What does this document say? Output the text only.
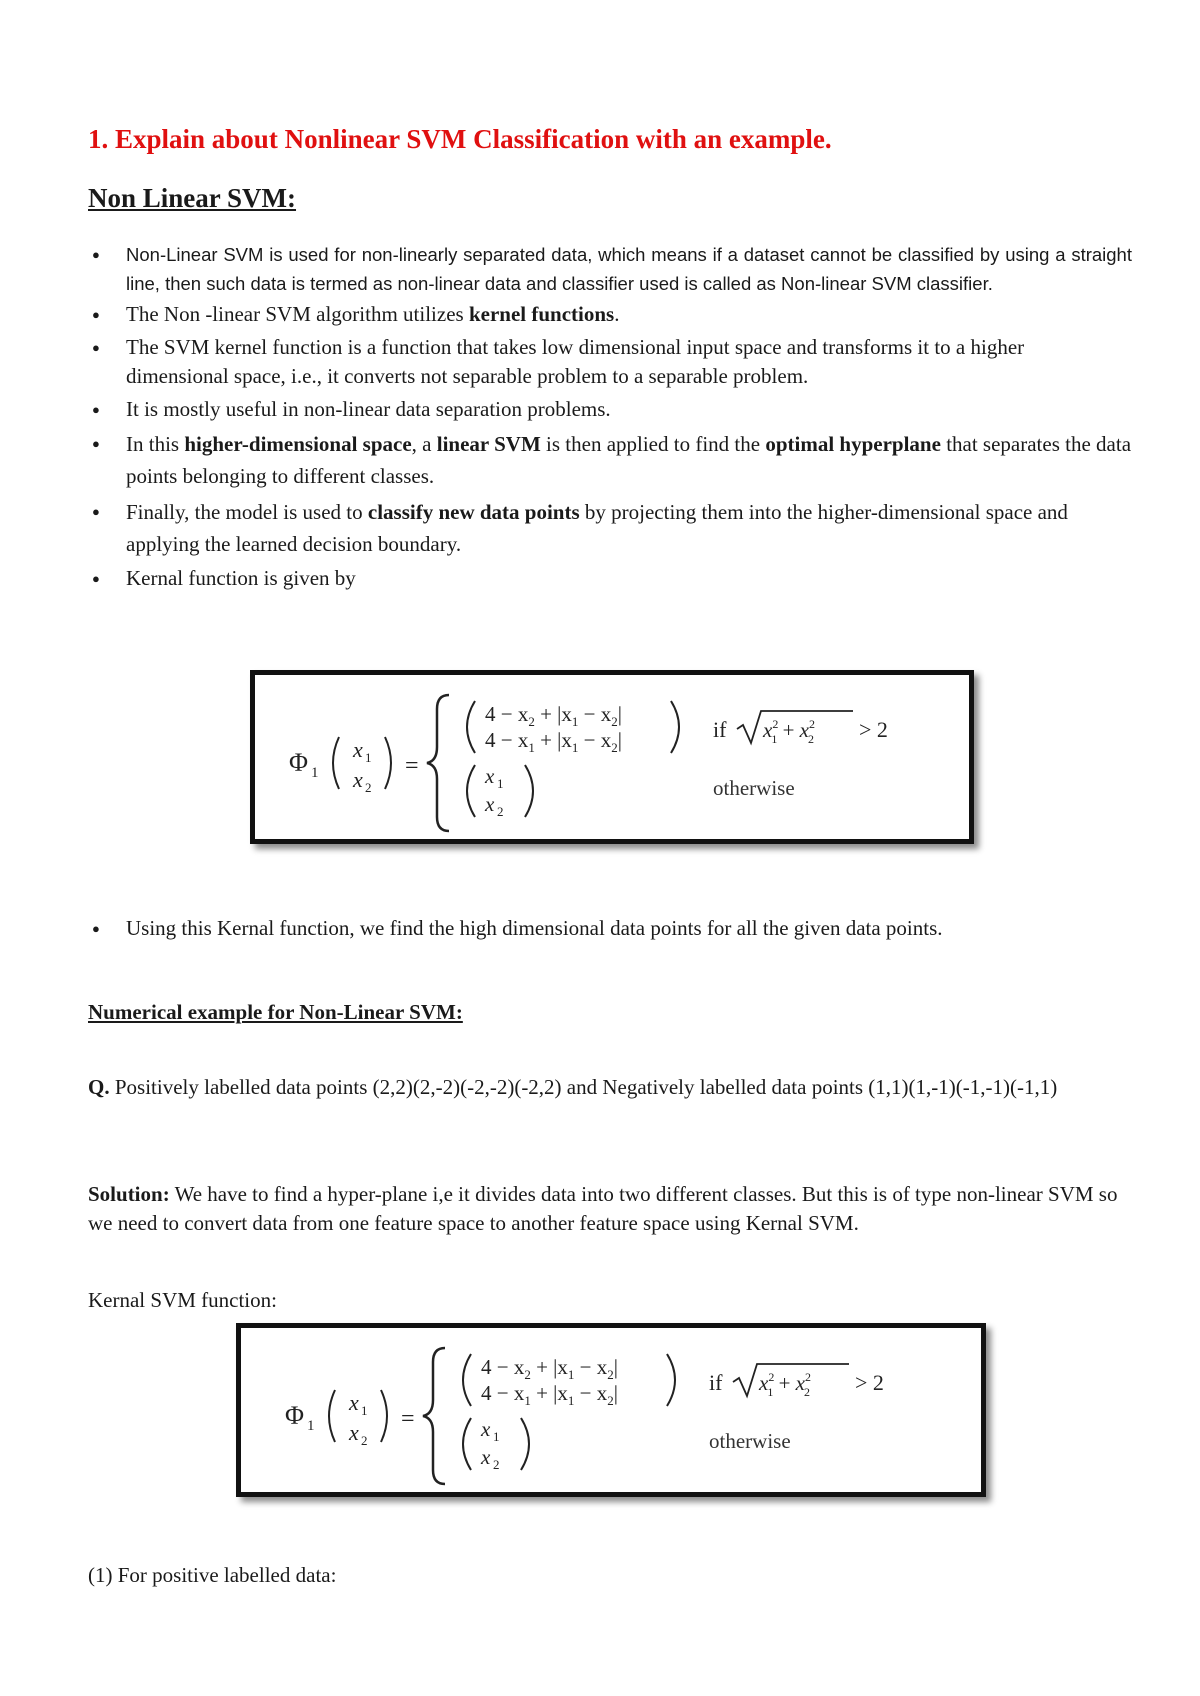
1. Explain about Nonlinear SVM Classification with an example.
Non Linear SVM:
● Non-Linear SVM is used for non-linearly separated data, which means if a dataset cannot be classified by using a straight line, then such data is termed as non-linear data and classifier used is called as Non-linear SVM classifier.
● The Non -linear SVM algorithm utilizes kernel functions.
● The SVM kernel function is a function that takes low dimensional input space and transforms it to a higher dimensional space, i.e., it converts not separable problem to a separable problem.
● It is mostly useful in non-linear data separation problems.
● In this higher-dimensional space, a linear SVM is then applied to find the optimal hyperplane that separates the data points belonging to different classes.
● Finally, the model is used to classify new data points by projecting them into the higher-dimensional space and applying the learned decision boundary.
● Kernal function is given by
Φ 1
x 1
x 2
=
$4 - x_2 + |x_1 - x_2|$
$4 - x_1 + |x_1 - x_2|$
x 1
x 2
if $x^2$ $1 + x^2$ 2 > 2
otherwise
● Using this Kernal function, we find the high dimensional data points for all the given data points.
Numerical example for Non-Linear SVM:
Q. Positively labelled data points (2,2)(2,-2)(-2,-2)(-2,2) and Negatively labelled data points (1,1)(1,-1)(-1,-1)(-1,1)
Solution: We have to find a hyper-plane i,e it divides data into two different classes. But this is of type non-linear SVM so we need to convert data from one feature space to another feature space using Kernal SVM.
Kernal SVM function:
Φ 1
x 1
x 2
=
$4 - x_2 + |x_1 - x_2|$
$4 - x_1 + |x_1 - x_2|$
x 1
x 2
if $x^2$ $1 + x^2$ 2 > 2
otherwise
(1) For positive labelled data:
